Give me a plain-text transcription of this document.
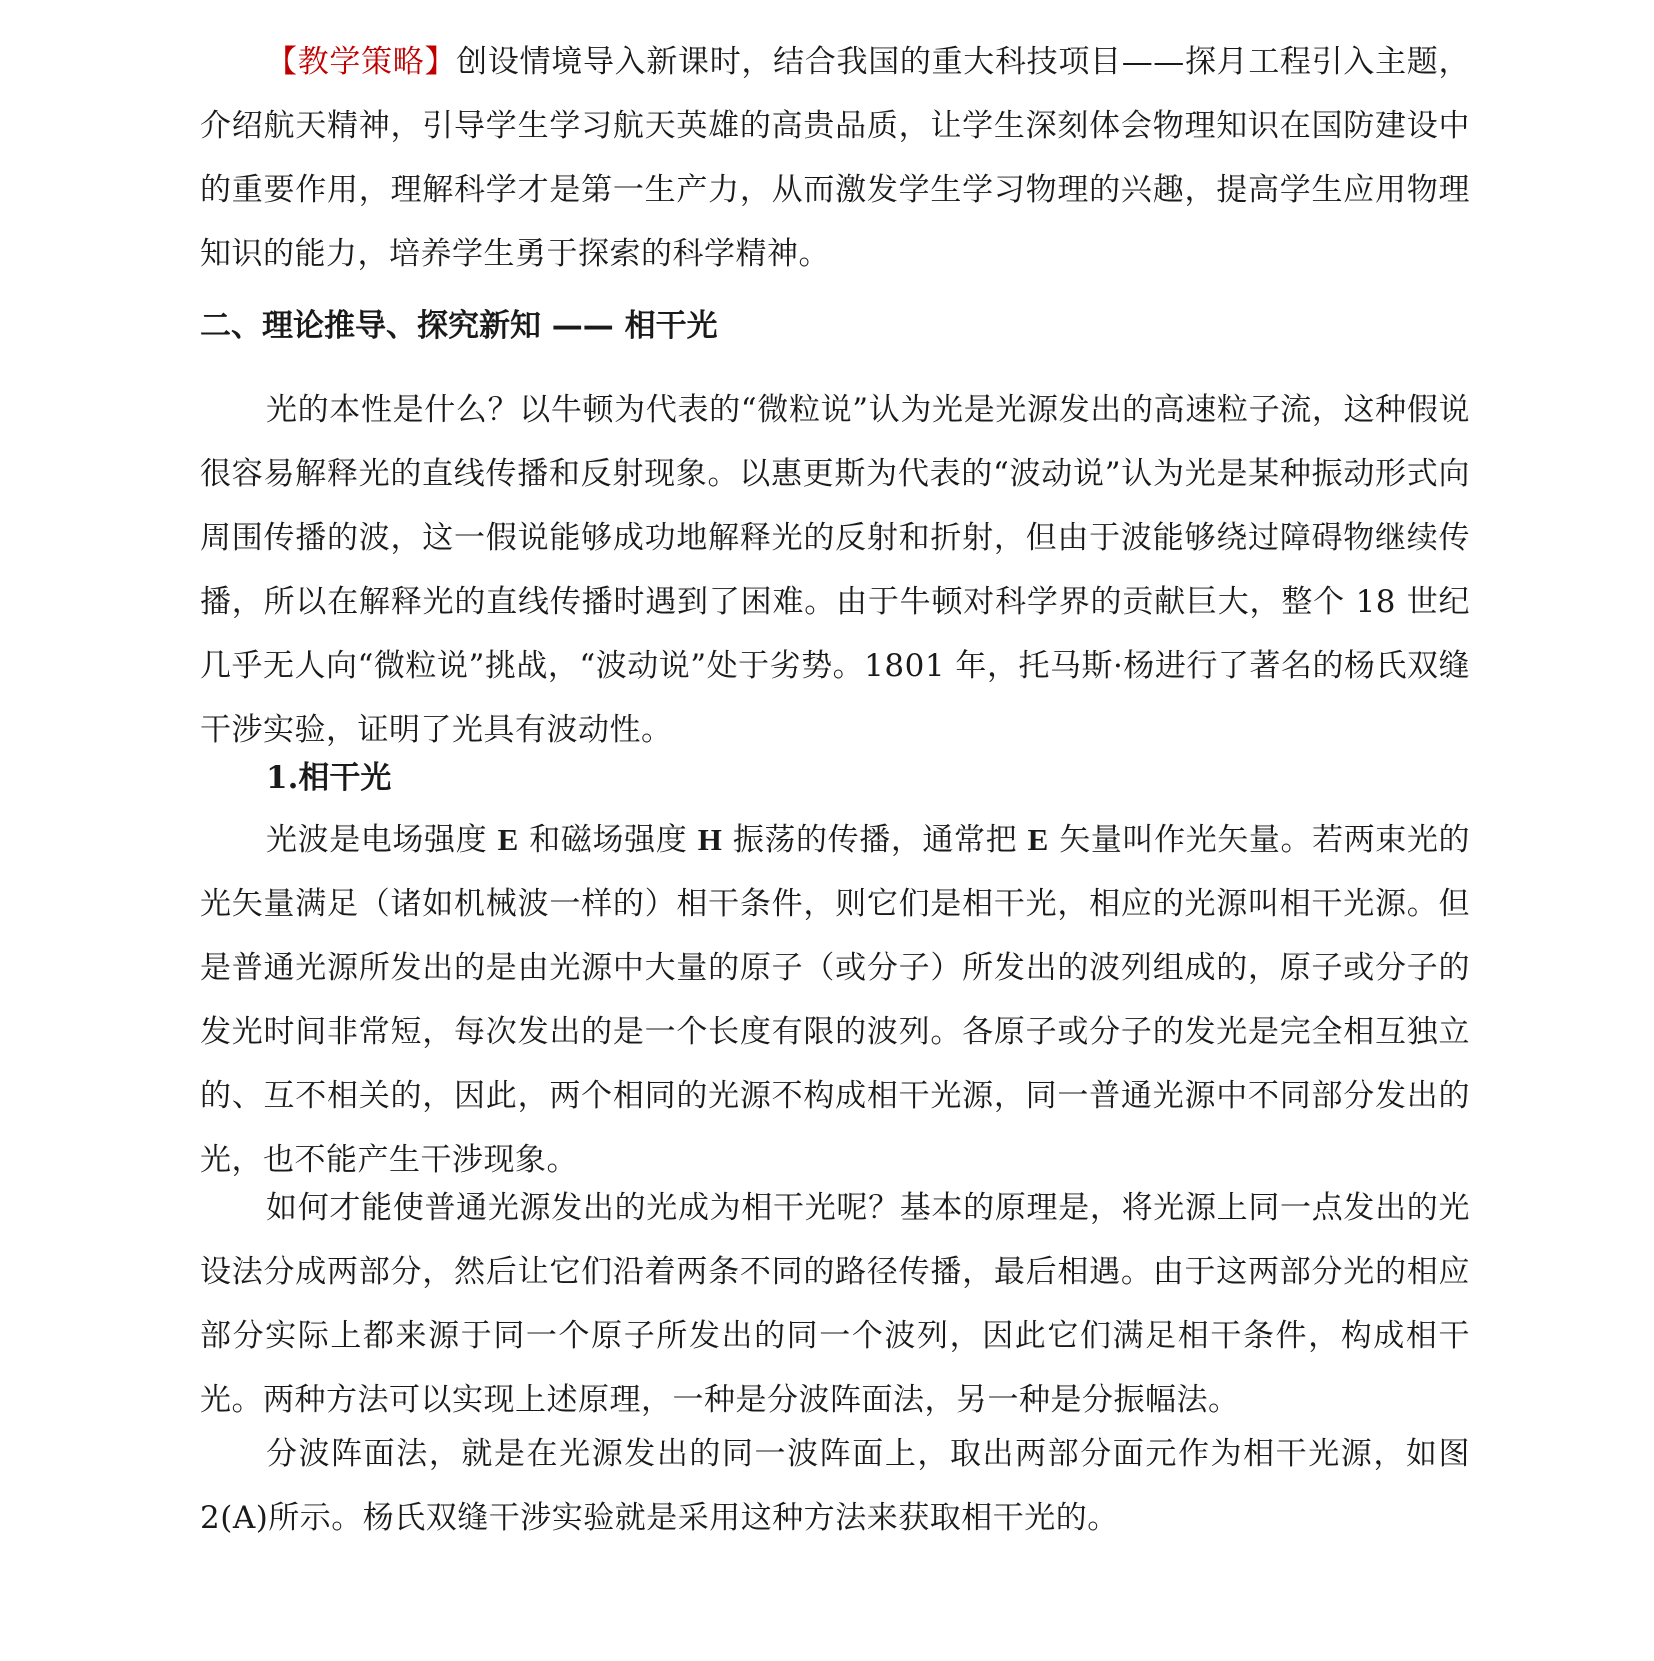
【教学策略】创设情境导入新课时，结合我国的重大科技项目——探月工程引入主题，介绍航天精神，引导学生学习航天英雄的高贵品质，让学生深刻体会物理知识在国防建设中的重要作用，理解科学才是第一生产力，从而激发学生学习物理的兴趣，提高学生应用物理知识的能力，培养学生勇于探索的科学精神。
二、理论推导、探究新知 —— 相干光
光的本性是什么？以牛顿为代表的“微粒说”认为光是光源发出的高速粒子流，这种假说很容易解释光的直线传播和反射现象。以惠更斯为代表的“波动说”认为光是某种振动形式向周围传播的波，这一假说能够成功地解释光的反射和折射，但由于波能够绕过障碍物继续传播，所以在解释光的直线传播时遇到了困难。由于牛顿对科学界的贡献巨大，整个 18 世纪几乎无人向“微粒说”挑战，“波动说”处于劣势。1801 年，托马斯·杨进行了著名的杨氏双缝干涉实验，证明了光具有波动性。
1.相干光
光波是电场强度 E 和磁场强度 H 振荡的传播，通常把 E 矢量叫作光矢量。若两束光的光矢量满足（诸如机械波一样的）相干条件，则它们是相干光，相应的光源叫相干光源。但是普通光源所发出的是由光源中大量的原子（或分子）所发出的波列组成的，原子或分子的发光时间非常短，每次发出的是一个长度有限的波列。各原子或分子的发光是完全相互独立的、互不相关的，因此，两个相同的光源不构成相干光源，同一普通光源中不同部分发出的光，也不能产生干涉现象。
如何才能使普通光源发出的光成为相干光呢？基本的原理是，将光源上同一点发出的光设法分成两部分，然后让它们沿着两条不同的路径传播，最后相遇。由于这两部分光的相应部分实际上都来源于同一个原子所发出的同一个波列，因此它们满足相干条件，构成相干光。两种方法可以实现上述原理，一种是分波阵面法，另一种是分振幅法。
分波阵面法，就是在光源发出的同一波阵面上，取出两部分面元作为相干光源，如图 2(A)所示。杨氏双缝干涉实验就是采用这种方法来获取相干光的。
